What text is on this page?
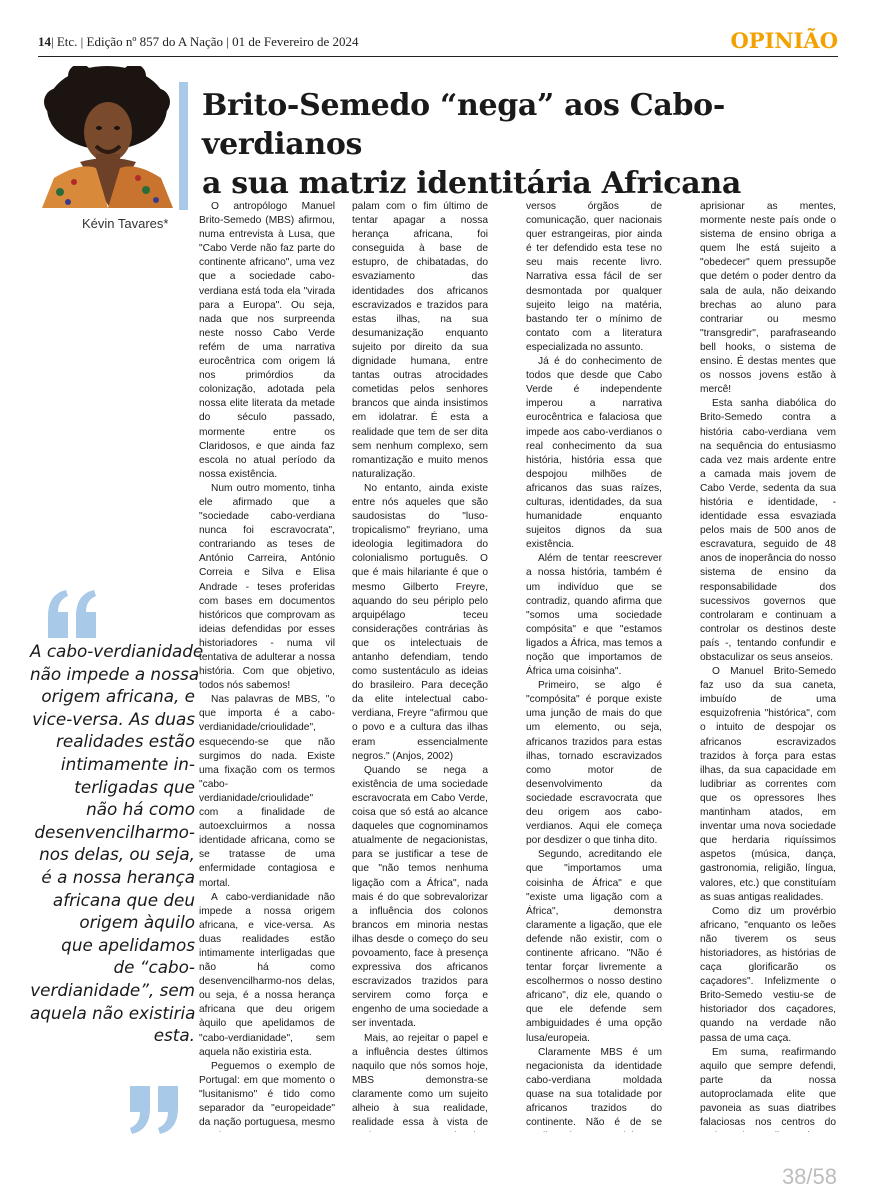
14| Etc. | Edição nº 857 do A Nação | 01 de Fevereiro de 2024	OPINIÃO
Kévin Tavares*
Brito-Semedo “nega” aos Cabo-verdianos
a sua matriz identitária Africana
A cabo-verdianidade
não impede a nossa
origem africana, e
vice-versa. As duas
realidades estão
intimamente in-
terligadas que
não há como
desenvencilharmo-
nos delas, ou seja,
é a nossa herança
africana que deu
origem àquilo
que apelidamos
de “cabo-
verdianidade”, sem
aquela não existiria
esta.

O antropólogo Manuel Brito-Semedo (MBS) afirmou, numa entrevista à Lusa, que "Cabo Verde não faz parte do continente africano", uma vez que a sociedade cabo-verdiana está toda ela "virada para a Europa". Ou seja, nada que nos surpreenda neste nosso Cabo Verde refém de uma narrativa eurocêntrica com origem lá nos primórdios da colonização, adotada pela nossa elite literata da metade do século passado, mormente entre os Claridosos, e que ainda faz escola no atual período da nossa existência.

Num outro momento, tinha ele afirmado que a "sociedade cabo-verdiana nunca foi escravocrata", contrariando as teses de António Carreira, António Correia e Silva e Elisa Andrade - teses proferidas com bases em documentos históricos que comprovam as ideias defendidas por esses historiadores - numa vil tentativa de adulterar a nossa história. Com que objetivo, todos nós sabemos!

Nas palavras de MBS, "o que importa é a cabo-verdianidade/crioulidade", esquecendo-se que não surgimos do nada. Existe uma fixação com os termos "cabo-verdianidade/crioulidade" com a finalidade de autoexcluirmos a nossa identidade africana, como se se tratasse de uma enfermidade contagiosa e mortal.

A cabo-verdianidade não impede a nossa origem africana, e vice-versa. As duas realidades estão intimamente interligadas que não há como desenvencilharmo-nos delas, ou seja, é a nossa herança africana que deu origem àquilo que apelidamos de "cabo-verdianidade", sem aquela não existiria esta.

Peguemos o exemplo de Portugal: em que momento o "lusitanismo" é tido como separador da "europeidade" da nação portuguesa, mesmo

palam com o fim último de tentar apagar a nossa herança africana, foi conseguida à base de estupro, de chibatadas, do esvaziamento das identidades dos africanos escravizados e trazidos para estas ilhas, na sua desumanização enquanto sujeito por direito da sua dignidade humana, entre tantas outras atrocidades cometidas pelos senhores brancos que ainda insistimos em idolatrar. É esta a realidade que tem de ser dita sem nenhum complexo, sem romantização e muito menos naturalização.

No entanto, ainda existe entre nós aqueles que são saudosistas do "luso-tropicalismo" freyriano, uma ideologia legitimadora do colonialismo português. O que é mais hilariante é que o mesmo Gilberto Freyre, aquando do seu périplo pelo arquipélago teceu considerações contrárias às que os intelectuais de antanho defendiam, tendo como sustentáculo as ideias do brasileiro. Para deceção da elite intelectual cabo-verdiana, Freyre "afirmou que o povo e a cultura das ilhas eram essencialmente negros." (Anjos, 2002)

Quando se nega a existência de uma sociedade escravocrata em Cabo Verde, coisa que só está ao alcance daqueles que cognominamos atualmente de negacionistas, para se justificar a tese de que "não temos nenhuma ligação com a África", nada mais é do que sobrevalorizar a influência dos colonos brancos em minoria nestas ilhas desde o começo do seu povoamento, face à presença expressiva dos africanos escravizados trazidos para servirem como força e engenho de uma sociedade a ser inventada.

Mais, ao rejeitar o papel e a influência destes últimos naquilo que nós somos hoje, MBS demonstra-se claramente como um sujeito alheio à sua realidade, realidade essa à vista de

versos órgãos de comunicação, quer nacionais quer estrangeiras, pior ainda é ter defendido esta tese no seu mais recente livro. Narrativa essa fácil de ser desmontada por qualquer sujeito leigo na matéria, bastando ter o mínimo de contato com a literatura especializada no assunto.

Já é do conhecimento de todos que desde que Cabo Verde é independente imperou a narrativa eurocêntrica e falaciosa que impede aos cabo-verdianos o real conhecimento da sua história, história essa que despojou milhões de africanos das suas raízes, culturas, identidades, da sua humanidade enquanto sujeitos dignos da sua existência.

Além de tentar reescrever a nossa história, também é um indivíduo que se contradiz, quando afirma que "somos uma sociedade compósita" e que "estamos ligados a África, mas temos a noção que importamos de África uma coisinha".

Primeiro, se algo é "compósita" é porque existe uma junção de mais do que um elemento, ou seja, africanos trazidos para estas ilhas, tornado escravizados como motor de desenvolvimento da sociedade escravocrata que deu origem aos cabo-verdianos. Aqui ele começa por desdizer o que tinha dito.

Segundo, acreditando ele que "importamos uma coisinha de África" e que "existe uma ligação com a África", demonstra claramente a ligação, que ele defende não existir, com o continente africano. "Não é tentar forçar livremente a escolhermos o nosso destino africano", diz ele, quando o que ele defende sem ambiguidades é uma opção lusa/europeia.

Claramente MBS é um negacionista da identidade cabo-verdiana moldada quase na sua totalidade por africanos trazidos do continente. Não é de se

aprisionar as mentes, mormente neste país onde o sistema de ensino obriga a quem lhe está sujeito a "obedecer" quem pressupõe que detém o poder dentro da sala de aula, não deixando brechas ao aluno para contrariar ou mesmo "transgredir", parafraseando bell hooks, o sistema de ensino. É destas mentes que os nossos jovens estão à mercê!

Esta sanha diabólica do Brito-Semedo contra a história cabo-verdiana vem na sequência do entusiasmo cada vez mais ardente entre a camada mais jovem de Cabo Verde, sedenta da sua história e identidade, - identidade essa esvaziada pelos mais de 500 anos de escravatura, seguido de 48 anos de inoperância do nosso sistema de ensino da responsabilidade dos sucessivos governos que controlaram e continuam a controlar os destinos deste país -, tentando confundir e obstaculizar os seus anseios.

O Manuel Brito-Semedo faz uso da sua caneta, imbuído de uma esquizofrenia "histórica", com o intuito de despojar os africanos escravizados trazidos à força para estas ilhas, da sua capacidade em ludibriar as correntes com que os opressores lhes mantinham atados, em inventar uma nova sociedade que herdaria riquíssimos aspetos (música, dança, gastronomia, religião, língua, valores, etc.) que constituíam as suas antigas realidades.

Como diz um provérbio africano, "enquanto os leões não tiverem os seus historiadores, as histórias de caça glorificarão os caçadores". Infelizmente o Brito-Semedo vestiu-se de historiador dos caçadores, quando na verdade não passa de uma caça.

Em suma, reafirmando aquilo que sempre defendi, parte da nossa autoproclamada elite que pavoneia as suas diatribes falaciosas nos centros do

38/58
